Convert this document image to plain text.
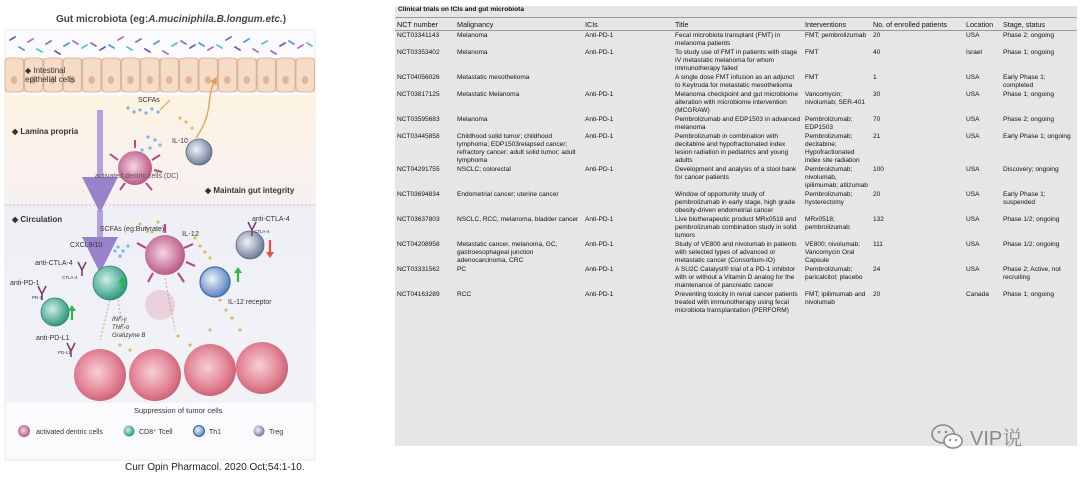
Gut microbiota (eg:A.muciniphila.B.longum.etc.)
◆ Intestinal epithelial cells
◆ Lamina propria
SCFAs
IL-10
activated dentric cells.(DC)
◆ Maintain gut integrity
◆ Circulation
SCFAs (eg:Butyrate) IL-12
anti-CTLA-4
CTLA-4
CXCL9/10
anti-CTLA-4
CTLA-4
anti-PD-1
PD-1
INF-γ
TNF-α
Granzyme B
IL-12 receptor
anti-PD-L1
PD-L1
Suppression of tumor cells
activated dentric cells	CD8⁺ Tcell	Th1	Treg
Curr Opin Pharmacol. 2020 Oct;54:1-10.
Clinical trials on ICIs and gut microbiota
NCT number	Malignancy	ICIs	Title	Interventions	No. of enrolled patients	Location	Stage, status
NCT03341143	Melanoma	Anti-PD-1	Fecal microbiota transplant (FMT) in melanoma patients	FMT; pembrolizumab	20	USA	Phase 2; ongoing
NCT03353402	Melanoma	Anti-PD-1	To study use of FMT in patients with stage IV metastatic melanoma for whom immunotherapy failed	FMT	40	Israel	Phase 1; ongoing
NCT04056026	Metastatic mesothelioma		A single dose FMT infusion as an adjunct to Keytruda for metastatic mesothelioma	FMT	1	USA	Early Phase 1; completed
NCT03817125	Metastatic Melanoma	Anti-PD-1	Melanoma checkpoint and gut microbiome alteration with microbiome intervention (MCGRAW)	Vancomycin; nivolumab; SER-401	30	USA	Phase 1; ongoing
NCT03595683	Melanoma	Anti-PD-1	Pembrolizumab and EDP1503 in advanced melanoma	Pembrolizumab; EDP1503	70	USA	Phase 2; ongoing
NCT03445858	Childhood solid tumor; childhood lymphoma; EDP1503relapsed cancer; refractory cancer; adult solid tumor; adult lymphoma	Anti-PD-1	Pembrolizumab in combination with decitabine and hypofractionated index lesion radiation in pediatrics and young adults	Pembrolizumab; decitabine; Hypofractionated index site radiation	21	USA	Early Phase 1; ongoing
NCT04291755	NSCLC; colorectal	Anti-PD-1	Development and analysis of a stool bank for cancer patients	Pembrolizumab; nivolumab, ipilimumab; atlizumab	100	USA	Discovery; ongoing
NCT03694834	Endometrial cancer; uterine cancer		Window of opportunity study of pembrolizumab in early stage, high grade obesity-driven endometrial cancer	Pembrolizumab; hysterectomy	20	USA	Early Phase 1; suspended
NCT03637803	NSCLC, RCC, melanoma, bladder cancer	Anti-PD-1	Live biotherapeutic product MRx0518 and pembrolizumab combination study in solid tumors	MRx0518; pembrolizumab	132	USA	Phase 1/2; ongoing
NCT04208958	Metastatic cancer, melanoma, GC, gastroesophageal junction adenocarcinoma, CRC	Anti-PD-1	Study of VE800 and nivolumab in patients with selected types of advanced or metastatic cancer (Consortium-IO)	VE800; nivolumab; Vancomycin Oral Capsule	111	USA	Phase 1/2; ongoing
NCT03331562	PC	Anti-PD-1	A SU2C Catalyst® trial of a PD-1 inhibitor with or without a Vitamin D analog for the maintenance of pancreatic cancer	Pembrolizumab; paricalcitol; placebo	24	USA	Phase 2; Active, not recruiting
NCT04163289	RCC	Anti-PD-1	Preventing toxicity in renal cancer patients treated with immunotherapy using fecal microbiota transplantation (PERFORM)	FMT; ipilimumab and nivolumab	20	Canada	Phase 1; ongoing
VIP说
